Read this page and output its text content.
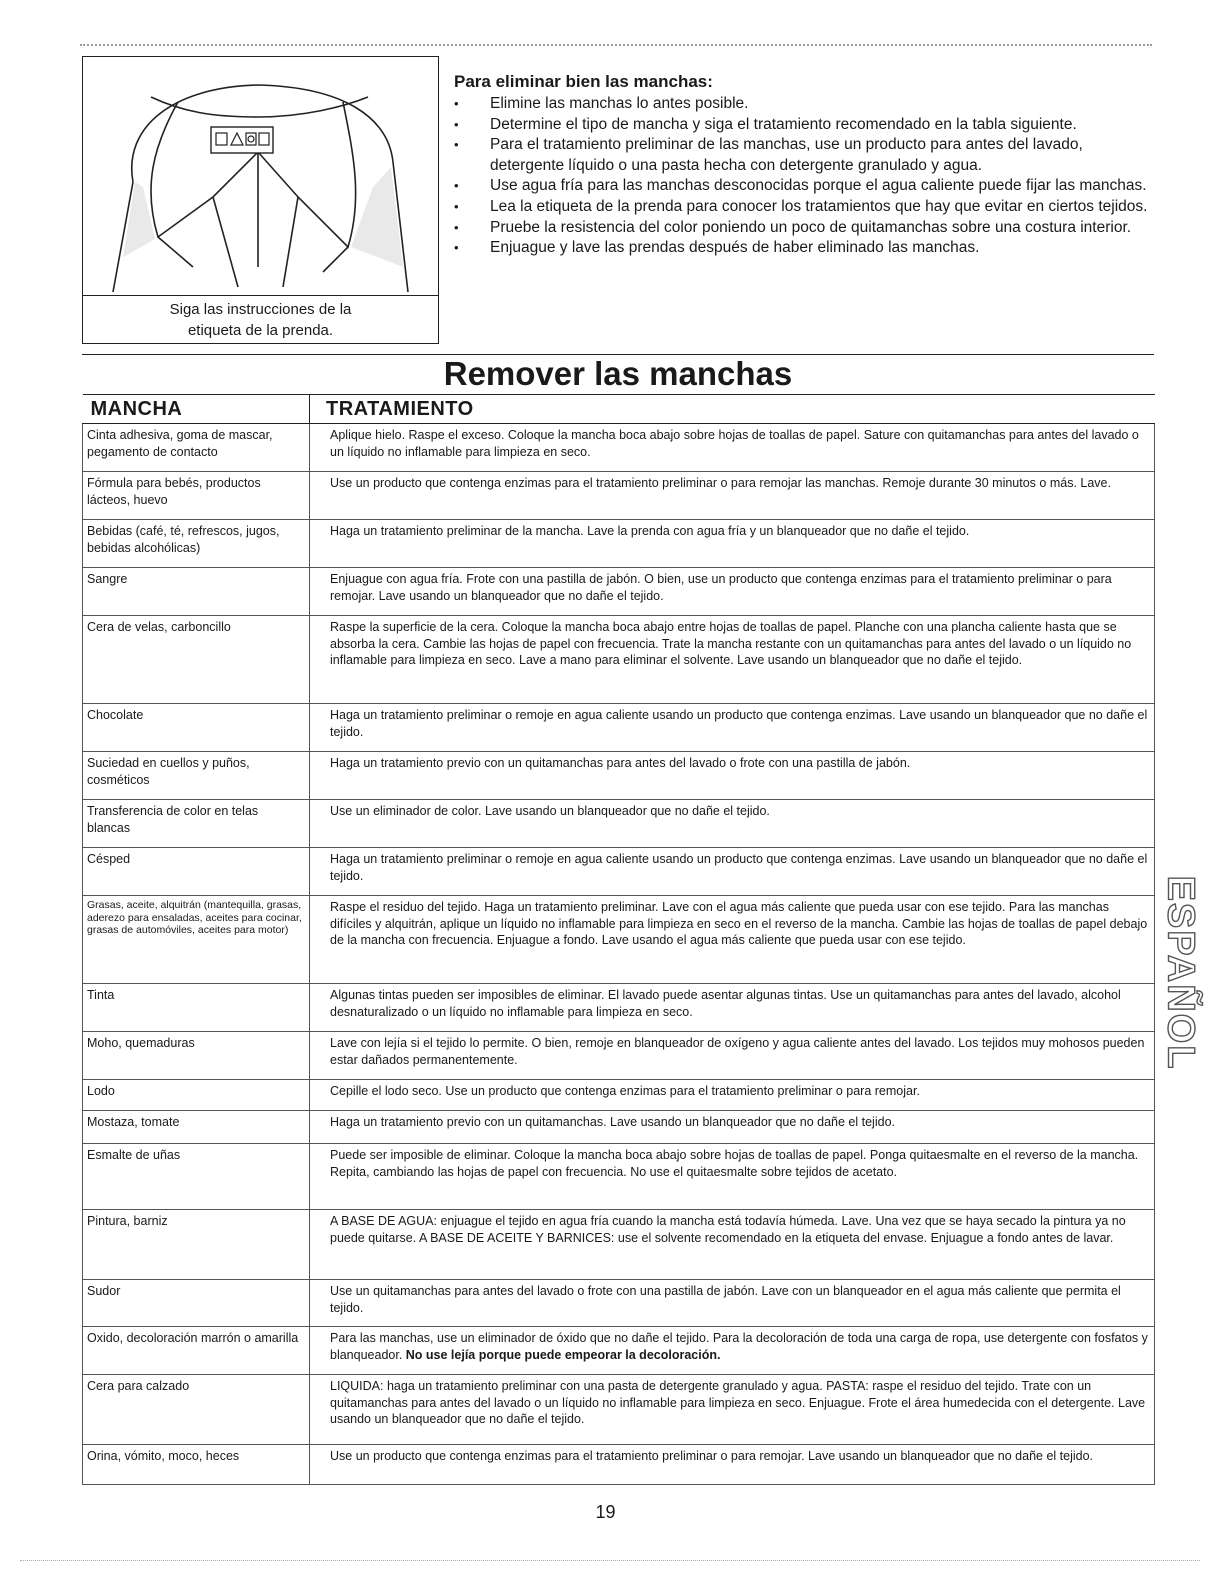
Siga las instrucciones de la
etiqueta de la prenda.
Para eliminar bien las manchas:
• Elimine las manchas lo antes posible.
• Determine el tipo de mancha y siga el tratamiento recomendado en la tabla siguiente.
• Para el tratamiento preliminar de las manchas, use un producto para antes del lavado, detergente líquido o una pasta hecha con detergente granulado y agua.
• Use agua fría para las manchas desconocidas porque el agua caliente puede fijar las manchas.
• Lea la etiqueta de la prenda para conocer los tratamientos que hay que evitar en ciertos tejidos.
• Pruebe la resistencia del color poniendo un poco de quitamanchas sobre una costura interior.
• Enjuague y lave las prendas después de haber eliminado las manchas.
Remover las manchas
MANCHA	TRATAMIENTO
Cinta adhesiva, goma de mascar, pegamento de contacto	Aplique hielo. Raspe el exceso. Coloque la mancha boca abajo sobre hojas de toallas de papel. Sature con quitamanchas para antes del lavado o un líquido no inflamable para limpieza en seco.
Fórmula para bebés, productos lácteos, huevo	Use un producto que contenga enzimas para el tratamiento preliminar o para remojar las manchas. Remoje durante 30 minutos o más. Lave.
Bebidas (café, té, refrescos, jugos, bebidas alcohólicas)	Haga un tratamiento preliminar de la mancha. Lave la prenda con agua fría y un blanqueador que no dañe el tejido.
Sangre	Enjuague con agua fría. Frote con una pastilla de jabón. O bien, use un producto que contenga enzimas para el tratamiento preliminar o para remojar. Lave usando un blanqueador que no dañe el tejido.
Cera de velas, carboncillo	Raspe la superficie de la cera. Coloque la mancha boca abajo entre hojas de toallas de papel. Planche con una plancha caliente hasta que se absorba la cera. Cambie las hojas de papel con frecuencia. Trate la mancha restante con un quitamanchas para antes del lavado o un líquido no inflamable para limpieza en seco. Lave a mano para eliminar el solvente. Lave usando un blanqueador que no dañe el tejido.
Chocolate	Haga un tratamiento preliminar o remoje en agua caliente usando un producto que contenga enzimas. Lave usando un blanqueador que no dañe el tejido.
Suciedad en cuellos y puños, cosméticos	Haga un tratamiento previo con un quitamanchas para antes del lavado o frote con una pastilla de jabón.
Transferencia de color en telas blancas	Use un eliminador de color. Lave usando un blanqueador que no dañe el tejido.
Césped	Haga un tratamiento preliminar o remoje en agua caliente usando un producto que contenga enzimas. Lave usando un blanqueador que no dañe el tejido.
Grasas, aceite, alquitrán (mantequilla, grasas, aderezo para ensaladas, aceites para cocinar, grasas de automóviles, aceites para motor)	Raspe el residuo del tejido. Haga un tratamiento preliminar. Lave con el agua más caliente que pueda usar con ese tejido. Para las manchas difíciles y alquitrán, aplique un líquido no inflamable para limpieza en seco en el reverso de la mancha. Cambie las hojas de toallas de papel debajo de la mancha con frecuencia. Enjuague a fondo. Lave usando el agua más caliente que pueda usar con ese tejido.
Tinta	Algunas tintas pueden ser imposibles de eliminar. El lavado puede asentar algunas tintas. Use un quitamanchas para antes del lavado, alcohol desnaturalizado o un líquido no inflamable para limpieza en seco.
Moho, quemaduras	Lave con lejía si el tejido lo permite. O bien, remoje en blanqueador de oxígeno y agua caliente antes del lavado. Los tejidos muy mohosos pueden estar dañados permanentemente.
Lodo	Cepille el lodo seco. Use un producto que contenga enzimas para el tratamiento preliminar o para remojar.
Mostaza, tomate	Haga un tratamiento previo con un quitamanchas. Lave usando un blanqueador que no dañe el tejido.
Esmalte de uñas	Puede ser imposible de eliminar. Coloque la mancha boca abajo sobre hojas de toallas de papel. Ponga quitaesmalte en el reverso de la mancha. Repita, cambiando las hojas de papel con frecuencia. No use el quitaesmalte sobre tejidos de acetato.
Pintura, barniz	A BASE DE AGUA: enjuague el tejido en agua fría cuando la mancha está todavía húmeda. Lave. Una vez que se haya secado la pintura ya no puede quitarse. A BASE DE ACEITE Y BARNICES: use el solvente recomendado en la etiqueta del envase. Enjuague a fondo antes de lavar.
Sudor	Use un quitamanchas para antes del lavado o frote con una pastilla de jabón. Lave con un blanqueador en el agua más caliente que permita el tejido.
Oxido, decoloración marrón o amarilla	Para las manchas, use un eliminador de óxido que no dañe el tejido. Para la decoloración de toda una carga de ropa, use detergente con fosfatos y blanqueador. No use lejía porque puede empeorar la decoloración.
Cera para calzado	LIQUIDA: haga un tratamiento preliminar con una pasta de detergente granulado y agua. PASTA: raspe el residuo del tejido. Trate con un quitamanchas para antes del lavado o un líquido no inflamable para limpieza en seco. Enjuague. Frote el área humedecida con el detergente. Lave usando un blanqueador que no dañe el tejido.
Orina, vómito, moco, heces	Use un producto que contenga enzimas para el tratamiento preliminar o para remojar. Lave usando un blanqueador que no dañe el tejido.
ESPAÑOL
19
